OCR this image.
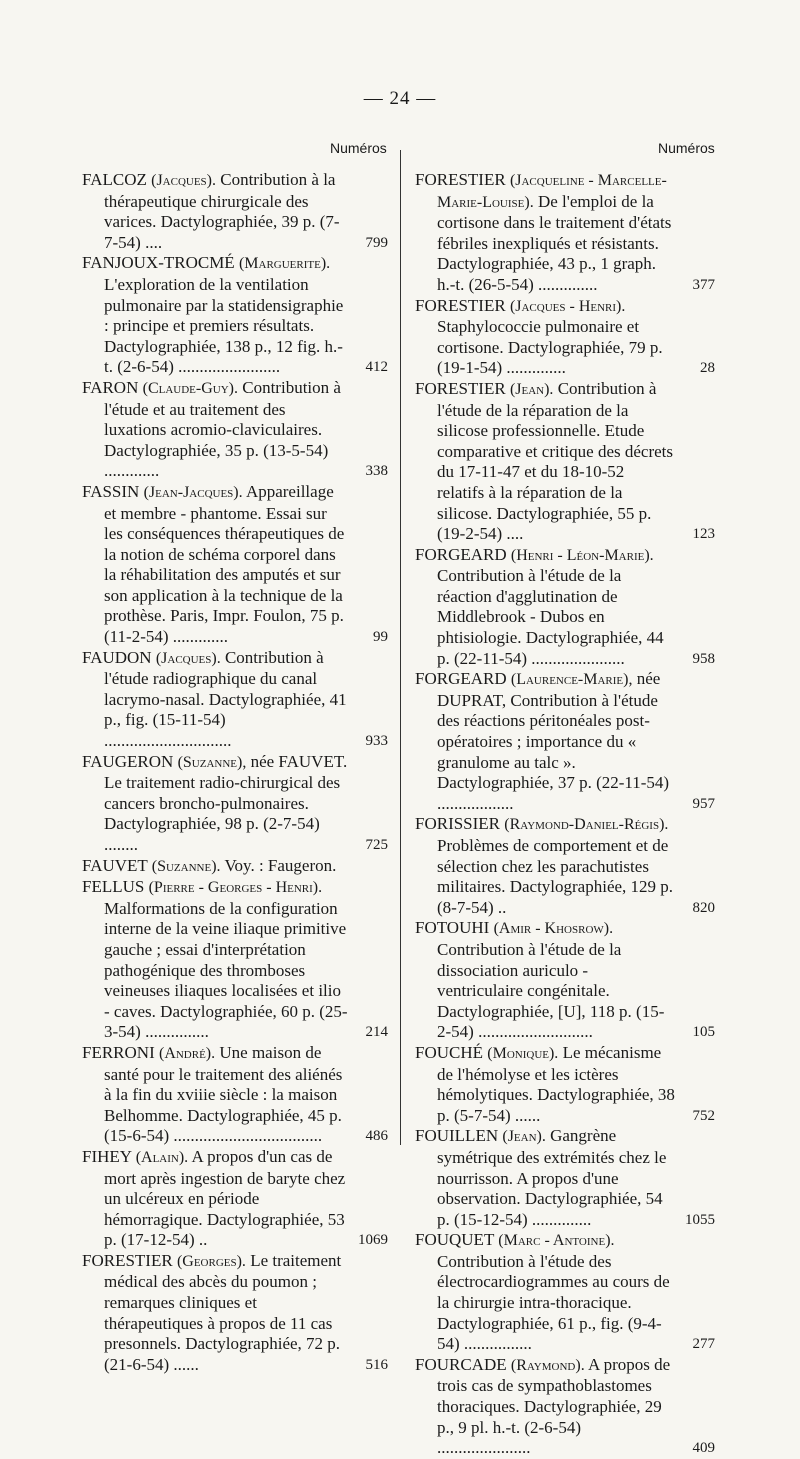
— 24 —
Numéros	Numéros
FALCOZ (Jacques). Contribution à la thérapeutique chirurgicale des varices. Dactylographiée, 39 p. (7-7-54) ....	799
FANJOUX-TROCMÉ (Marguerite). L'exploration de la ventilation pulmonaire par la statidensigraphie : principe et premiers résultats. Dactylographiée, 138 p., 12 fig. h.-t. (2-6-54) ........................	412
FARON (Claude-Guy). Contribution à l'étude et au traitement des luxations acromio-claviculaires. Dactylographiée, 35 p. (13-5-54) .............	338
FASSIN (Jean-Jacques). Appareillage et membre - phantome. Essai sur les conséquences thérapeutiques de la notion de schéma corporel dans la réhabilitation des amputés et sur son application à la technique de la prothèse. Paris, Impr. Foulon, 75 p. (11-2-54) .............	99
FAUDON (Jacques). Contribution à l'étude radiographique du canal lacrymo-nasal. Dactylographiée, 41 p., fig. (15-11-54) ..............................	933
FAUGERON (Suzanne), née FAUVET. Le traitement radio-chirurgical des cancers broncho-pulmonaires. Dactylographiée, 98 p. (2-7-54) ........	725
FAUVET (Suzanne). Voy. : Faugeron.
FELLUS (Pierre - Georges - Henri). Malformations de la configuration interne de la veine iliaque primitive gauche ; essai d'interprétation pathogénique des thromboses veineuses iliaques localisées et ilio - caves. Dactylographiée, 60 p. (25-3-54) ...............	214
FERRONI (André). Une maison de santé pour le traitement des aliénés à la fin du xviiie siècle : la maison Belhomme. Dactylographiée, 45 p. (15-6-54) ...................................	486
FIHEY (Alain). A propos d'un cas de mort après ingestion de baryte chez un ulcéreux en période hémorragique. Dactylographiée, 53 p. (17-12-54) ..	1069
FORESTIER (Georges). Le traitement médical des abcès du poumon ; remarques cliniques et thérapeutiques à propos de 11 cas presonnels. Dactylographiée, 72 p. (21-6-54) ......	516
FORESTIER (Jacqueline - Marcelle-Marie-Louise). De l'emploi de la cortisone dans le traitement d'états fébriles inexpliqués et résistants. Dactylographiée, 43 p., 1 graph. h.-t. (26-5-54) ..............	377
FORESTIER (Jacques - Henri). Staphylococcie pulmonaire et cortisone. Dactylographiée, 79 p. (19-1-54) ..............	28
FORESTIER (Jean). Contribution à l'étude de la réparation de la silicose professionnelle. Etude comparative et critique des décrets du 17-11-47 et du 18-10-52 relatifs à la réparation de la silicose. Dactylographiée, 55 p. (19-2-54) ....	123
FORGEARD (Henri - Léon-Marie). Contribution à l'étude de la réaction d'agglutination de Middlebrook - Dubos en phtisiologie. Dactylographiée, 44 p. (22-11-54) ......................	958
FORGEARD (Laurence-Marie), née DUPRAT, Contribution à l'étude des réactions péritonéales post-opératoires ; importance du « granulome au talc ». Dactylographiée, 37 p. (22-11-54) ..................	957
FORISSIER (Raymond-Daniel-Régis). Problèmes de comportement et de sélection chez les parachutistes militaires. Dactylographiée, 129 p. (8-7-54) ..	820
FOTOUHI (Amir - Khosrow). Contribution à l'étude de la dissociation auriculo - ventriculaire congénitale. Dactylographiée, [U], 118 p. (15-2-54) ...........................	105
FOUCHÉ (Monique). Le mécanisme de l'hémolyse et les ictères hémolytiques. Dactylographiée, 38 p. (5-7-54) ......	752
FOUILLEN (Jean). Gangrène symétrique des extrémités chez le nourrisson. A propos d'une observation. Dactylographiée, 54 p. (15-12-54) ..............	1055
FOUQUET (Marc - Antoine). Contribution à l'étude des électrocardiogrammes au cours de la chirurgie intra-thoracique. Dactylographiée, 61 p., fig. (9-4-54) ................	277
FOURCADE (Raymond). A propos de trois cas de sympathoblastomes thoraciques. Dactylographiée, 29 p., 9 pl. h.-t. (2-6-54) ......................	409
